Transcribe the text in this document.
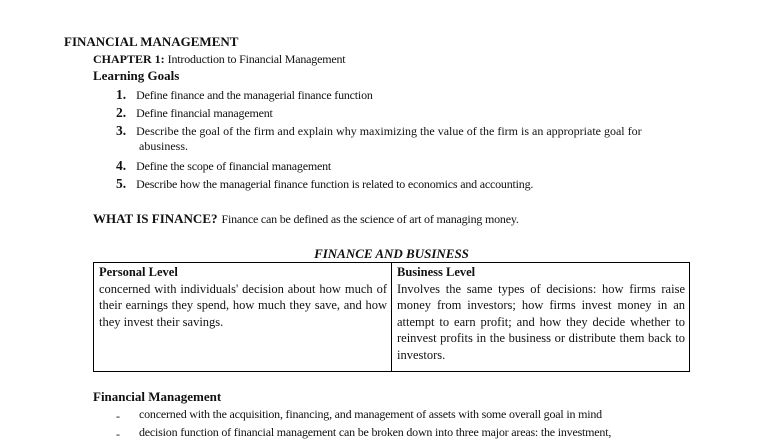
FINANCIAL MANAGEMENT
CHAPTER 1: Introduction to Financial Management
Learning Goals
1. Define finance and the managerial finance function
2. Define financial management
3. Describe the goal of the firm and explain why maximizing the value of the firm is an appropriate goal for
abusiness.
4. Define the scope of financial management
5. Describe how the managerial finance function is related to economics and accounting.
WHAT IS FINANCE? Finance can be defined as the science of art of managing money.
FINANCE AND BUSINESS
Personal Level
concerned with individuals' decision about how much of their earnings they spend, how much they save, and how they invest their savings.	
Business Level
Involves the same types of decisions: how firms raise money from investors; how firms invest money in an attempt to earn profit; and how they decide whether to reinvest profits in the business or distribute them back to investors.
Financial Management
- concerned with the acquisition, financing, and management of assets with some overall goal in mind
- decision function of financial management can be broken down into three major areas: the investment,
